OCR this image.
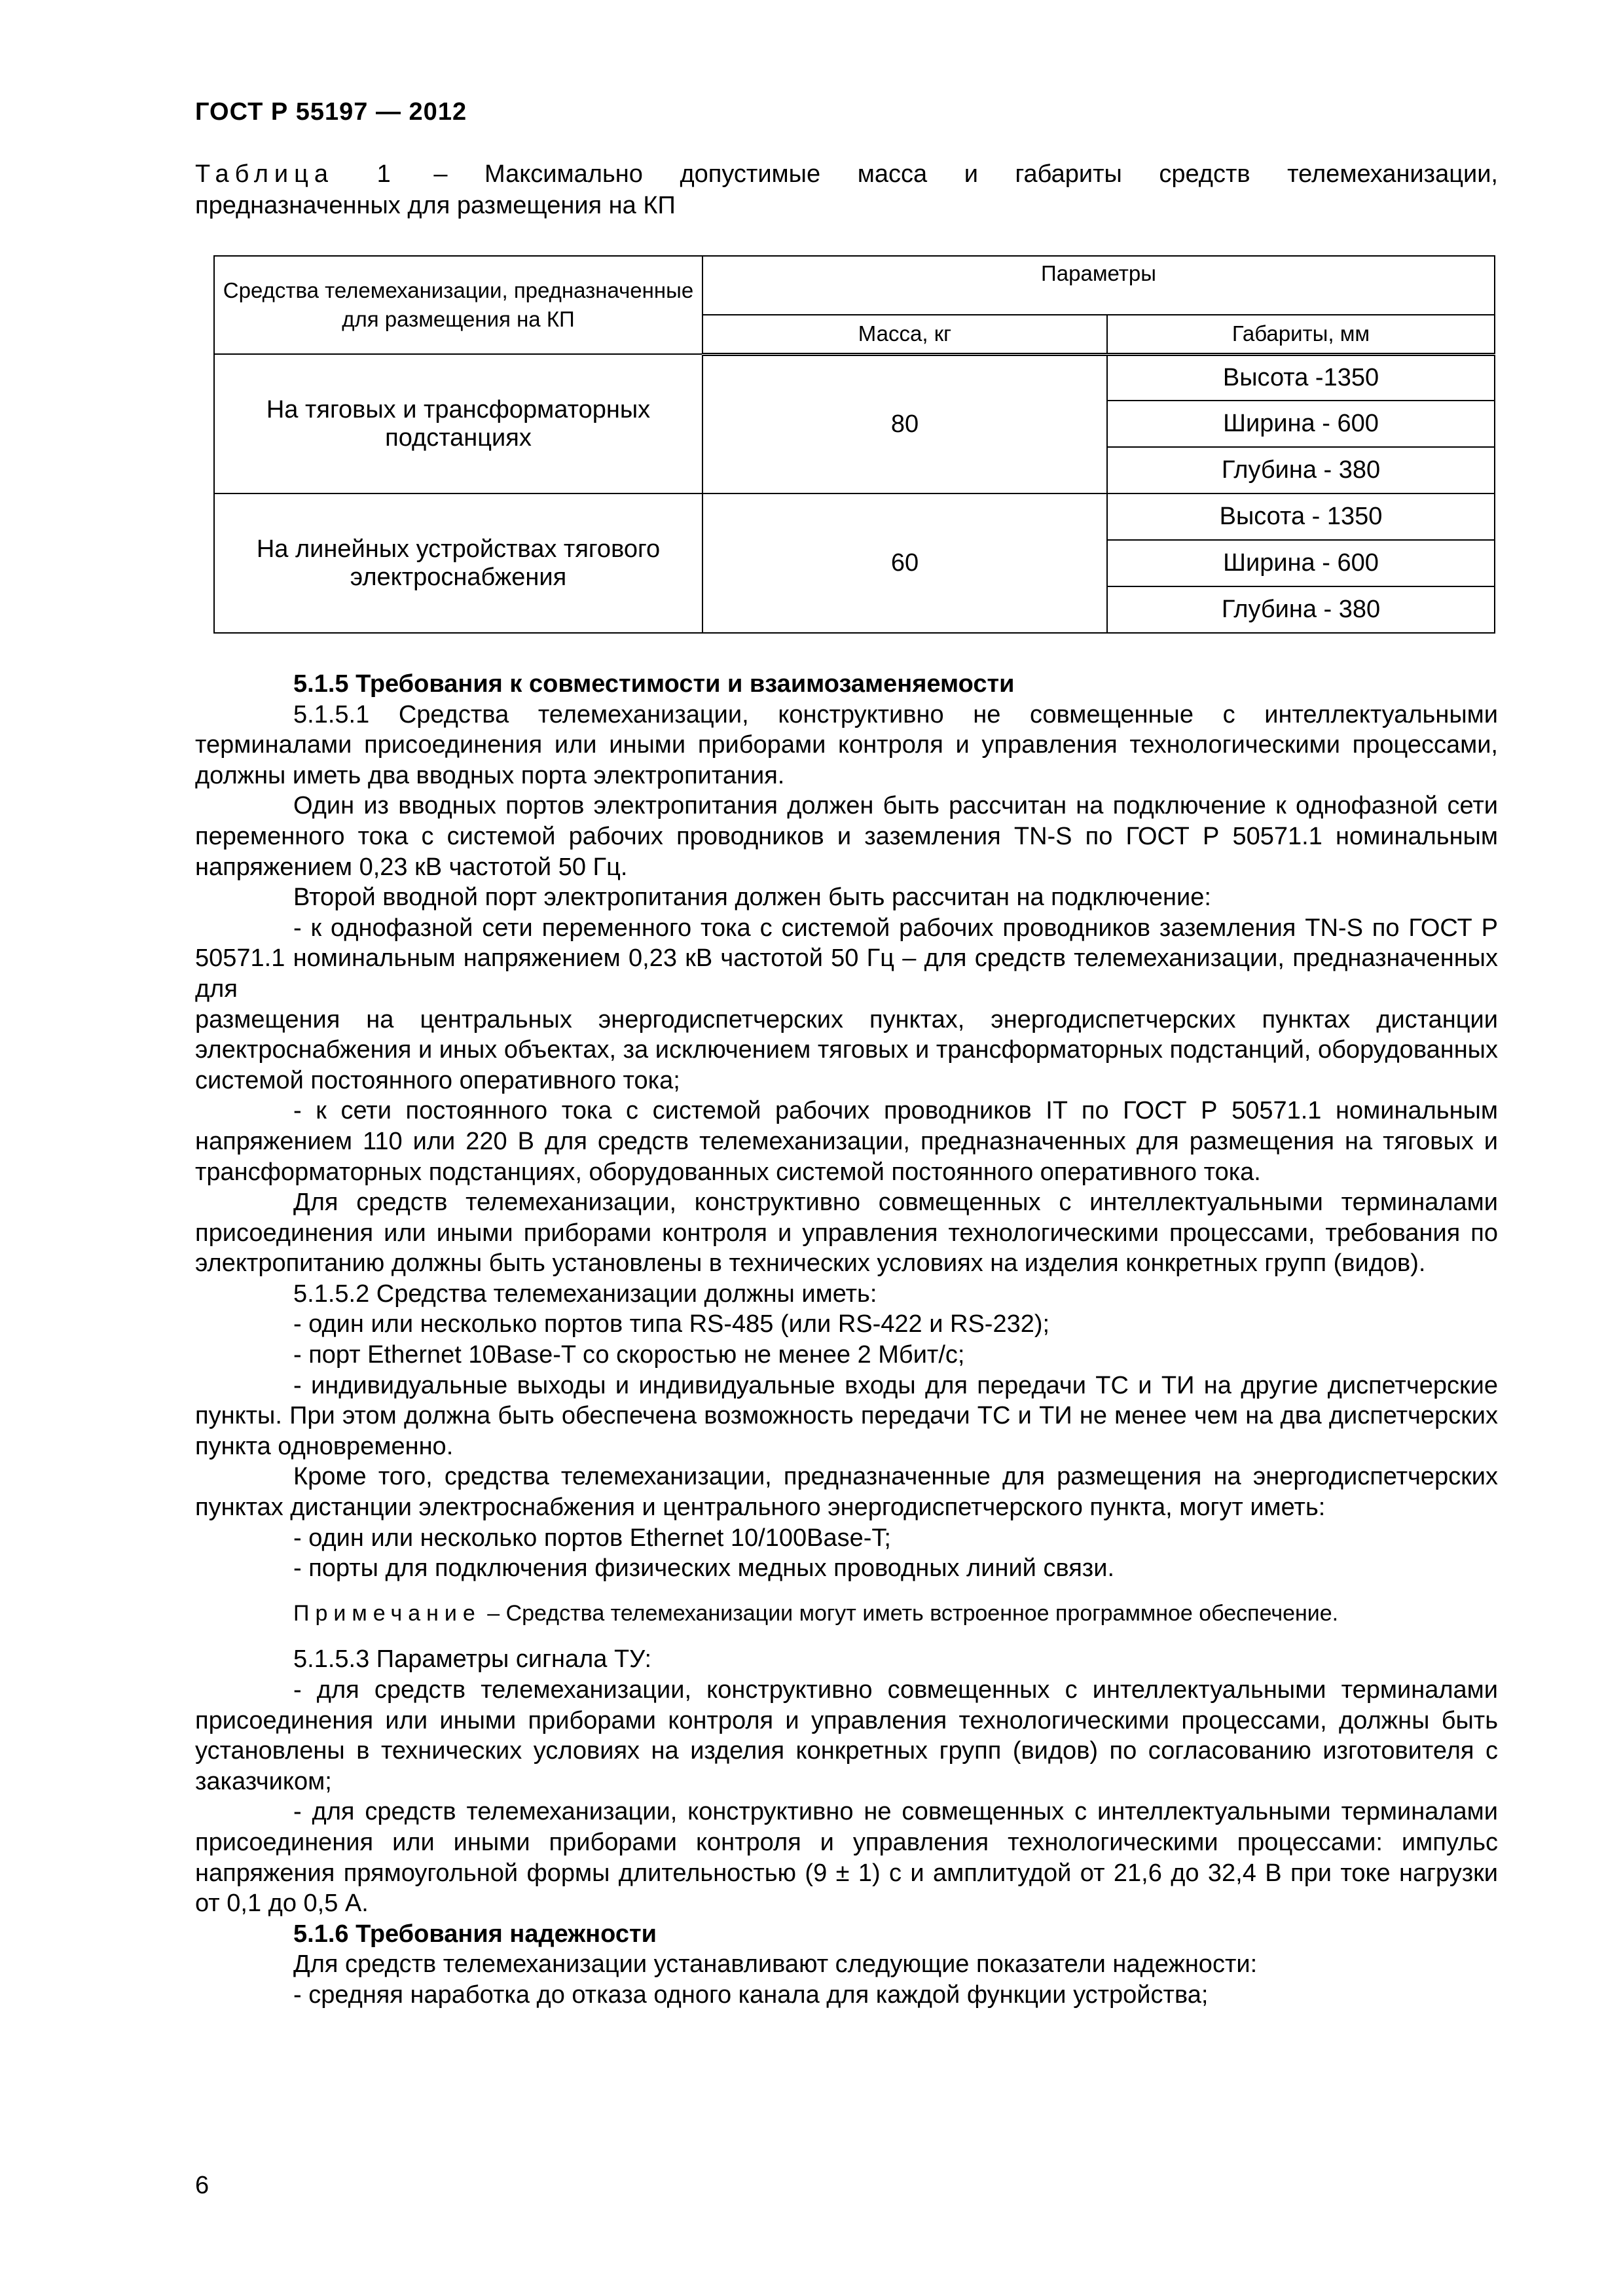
ГОСТ Р 55197 — 2012
Таблица 1 – Максимально допустимые масса и габариты средств телемеханизации,
предназначенных для размещения на КП
Средства телемеханизации, предназначенные для размещения на КП	Параметры	
	Масса, кг	Габариты, мм
На тяговых и трансформаторных подстанциях	80	Высота -1350
		Ширина - 600
		Глубина - 380
На линейных устройствах тягового электроснабжения	60	Высота - 1350
		Ширина - 600
		Глубина - 380

5.1.5 Требования к совместимости и взаимозаменяемости

5.1.5.1 Средства телемеханизации, конструктивно не совмещенные с интеллектуальными терминалами присоединения или иными приборами контроля и управления технологическими процессами, должны иметь два вводных порта электропитания.

Один из вводных портов электропитания должен быть рассчитан на подключение к однофазной сети переменного тока с системой рабочих проводников и заземления TN-S по ГОСТ Р 50571.1 номинальным напряжением 0,23 кВ частотой 50 Гц.

Второй вводной порт электропитания должен быть рассчитан на подключение:

- к однофазной сети переменного тока с системой рабочих проводников заземления TN-S по ГОСТ Р 50571.1 номинальным напряжением 0,23 кВ частотой 50 Гц – для средств телемеханизации, предназначенных для

размещения на центральных энергодиспетчерских пунктах, энергодиспетчерских пунктах дистанции электроснабжения и иных объектах, за исключением тяговых и трансформаторных подстанций, оборудованных системой постоянного оперативного тока;

- к сети постоянного тока с системой рабочих проводников IT по ГОСТ Р 50571.1 номинальным напряжением 110 или 220 В для средств телемеханизации, предназначенных для размещения на тяговых и трансформаторных подстанциях, оборудованных системой постоянного оперативного тока.

Для средств телемеханизации, конструктивно совмещенных с интеллектуальными терминалами присоединения или иными приборами контроля и управления технологическими процессами, требования по электропитанию должны быть установлены в технических условиях на изделия конкретных групп (видов).

5.1.5.2 Средства телемеханизации должны иметь:

- один или несколько портов типа RS-485 (или RS-422 и RS-232);

- порт Ethernet 10Base-T со скоростью не менее 2 Мбит/с;

- индивидуальные выходы и индивидуальные входы для передачи ТС и ТИ на другие диспетчерские пункты. При этом должна быть обеспечена возможность передачи ТС и ТИ не менее чем на два диспетчерских пункта одновременно.

Кроме того, средства телемеханизации, предназначенные для размещения на энергодиспетчерских пунктах дистанции электроснабжения и центрального энергодиспетчерского пункта, могут иметь:

- один или несколько портов Ethernet 10/100Base-T;

- порты для подключения физических медных проводных линий связи.

Примечание – Средства телемеханизации могут иметь встроенное программное обеспечение.

5.1.5.3 Параметры сигнала ТУ:

- для средств телемеханизации, конструктивно совмещенных с интеллектуальными терминалами присоединения или иными приборами контроля и управления технологическими процессами, должны быть установлены в технических условиях на изделия конкретных групп (видов) по согласованию изготовителя с заказчиком;

- для средств телемеханизации, конструктивно не совмещенных с интеллектуальными терминалами присоединения или иными приборами контроля и управления технологическими процессами: импульс напряжения прямоугольной формы длительностью (9 ± 1) с и амплитудой от 21,6 до 32,4 В при токе нагрузки от 0,1 до 0,5 А.

5.1.6 Требования надежности

Для средств телемеханизации устанавливают следующие показатели надежности:

- средняя наработка до отказа одного канала для каждой функции устройства;

6
